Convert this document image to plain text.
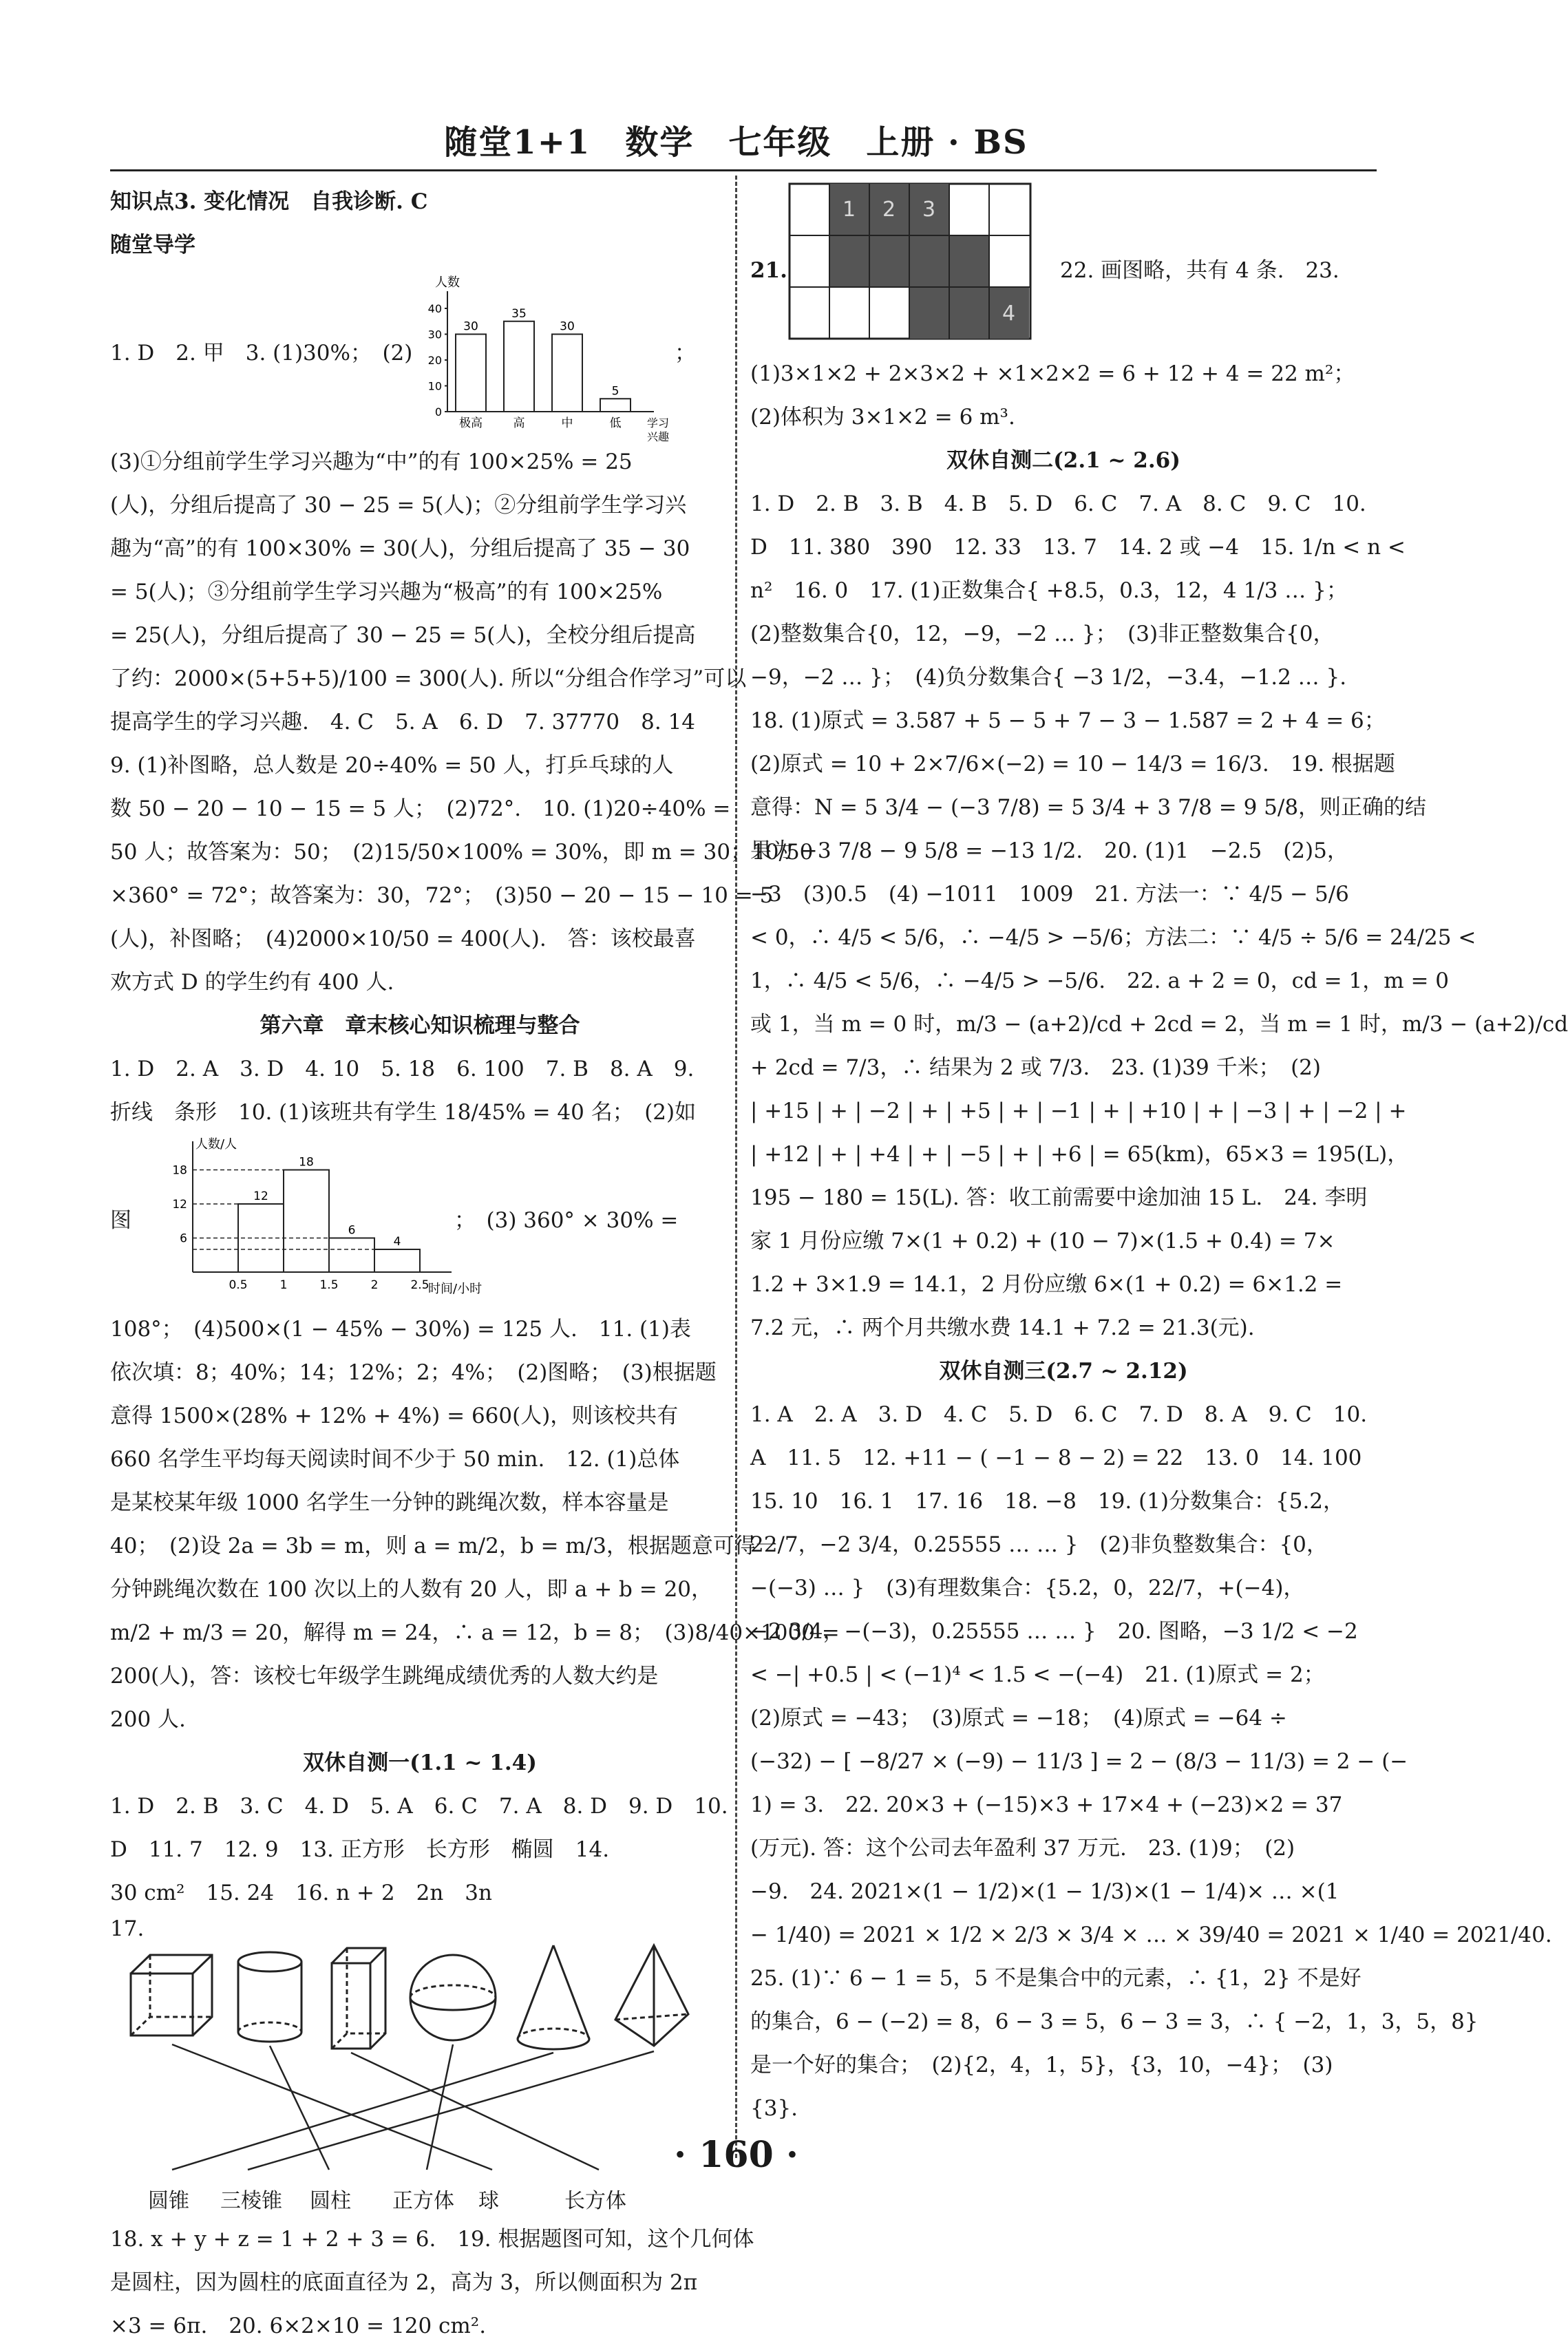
随堂1+1　数学　七年级　上册 · BS
知识点3. 变化情况　自我诊断. C
随堂导学
1. D　2. 甲　3. (1)30%；　(2)	；
人数
学习
兴趣
0
10
20
30
40
30
极高
35
高
30
中
5
低
(3)①分组前学生学习兴趣为“中”的有 100×25% = 25
(人)，分组后提高了 30 − 25 = 5(人)；②分组前学生学习兴
趣为“高”的有 100×30% = 30(人)，分组后提高了 35 − 30
= 5(人)；③分组前学生学习兴趣为“极高”的有 100×25%
= 25(人)，分组后提高了 30 − 25 = 5(人)，全校分组后提高
了约：2000×(5+5+5)/100 = 300(人). 所以“分组合作学习”可以
提高学生的学习兴趣.　4. C　5. A　6. D　7. 37770　8. 14
9. (1)补图略，总人数是 20÷40% = 50 人，打乒乓球的人
数 50 − 20 − 10 − 15 = 5 人；　(2)72°.　10. (1)20÷40% =
50 人；故答案为：50；　(2)15/50×100% = 30%，即 m = 30；10/50
×360° = 72°；故答案为：30，72°；　(3)50 − 20 − 15 − 10 = 5
(人)，补图略；　(4)2000×10/50 = 400(人).　答：该校最喜
欢方式 D 的学生约有 400 人.
第六章　章末核心知识梳理与整合
1. D　2. A　3. D　4. 10　5. 18　6. 100　7. B　8. A　9.
折线　条形　10. (1)该班共有学生 18/45% = 40 名；　(2)如
图
人数/人
时间/小时
0.5	1	1.5	2	2.5
6
12
18
12
18
6
4
；　(3) 360° × 30% =
108°；　(4)500×(1 − 45% − 30%) = 125 人.　11. (1)表
依次填：8；40%；14；12%；2；4%；　(2)图略；　(3)根据题
意得 1500×(28% + 12% + 4%) = 660(人)，则该校共有
660 名学生平均每天阅读时间不少于 50 min.　12. (1)总体
是某校某年级 1000 名学生一分钟的跳绳次数，样本容量是
40；　(2)设 2a = 3b = m，则 a = m/2，b = m/3，根据题意可得一
分钟跳绳次数在 100 次以上的人数有 20 人，即 a + b = 20，
m/2 + m/3 = 20，解得 m = 24，∴ a = 12，b = 8；　(3)8/40×1000 =
200(人)，答：该校七年级学生跳绳成绩优秀的人数大约是
200 人.
双休自测一(1.1 ~ 1.4)
1. D　2. B　3. C　4. D　5. A　6. C　7. A　8. D　9. D　10.
D　11. 7　12. 9　13. 正方形　长方形　椭圆　14.
30 cm²　15. 24　16. n + 2　2n　3n
17.
圆锥 三棱锥 圆柱 正方体 球	长方体
18. x + y + z = 1 + 2 + 3 = 6.　19. 根据题图可知，这个几何体
是圆柱，因为圆柱的底面直径为 2，高为 3，所以侧面积为 2π
×3 = 6π.　20. 6×2×10 = 120 cm².
21.
1 2 3
4
22. 画图略，共有 4 条.　23.
(1)3×1×2 + 2×3×2 + ×1×2×2 = 6 + 12 + 4 = 22 m²；
(2)体积为 3×1×2 = 6 m³.
双休自测二(2.1 ~ 2.6)
1. D　2. B　3. B　4. B　5. D　6. C　7. A　8. C　9. C　10.
D　11. 380　390　12. 33　13. 7　14. 2 或 −4　15. 1/n < n <
n²　16. 0　17. (1)正数集合{ +8.5，0.3，12，4 1/3 … }；
(2)整数集合{0，12，−9，−2 … }；　(3)非正整数集合{0，
−9，−2 … }；　(4)负分数集合{ −3 1/2，−3.4，−1.2 … }.
18. (1)原式 = 3.587 + 5 − 5 + 7 − 3 − 1.587 = 2 + 4 = 6；
(2)原式 = 10 + 2×7/6×(−2) = 10 − 14/3 = 16/3.　19. 根据题
意得：N = 5 3/4 − (−3 7/8) = 5 3/4 + 3 7/8 = 9 5/8，则正确的结
果为 −3 7/8 − 9 5/8 = −13 1/2.　20. (1)1　−2.5　(2)5，
−3　(3)0.5　(4) −1011　1009　21. 方法一：∵ 4/5 − 5/6
< 0，∴ 4/5 < 5/6，∴ −4/5 > −5/6；方法二：∵ 4/5 ÷ 5/6 = 24/25 <
1，∴ 4/5 < 5/6，∴ −4/5 > −5/6.　22. a + 2 = 0，cd = 1，m = 0
或 1，当 m = 0 时，m/3 − (a+2)/cd + 2cd = 2，当 m = 1 时，m/3 − (a+2)/cd
+ 2cd = 7/3，∴ 结果为 2 或 7/3.　23. (1)39 千米；　(2)
| +15 | + | −2 | + | +5 | + | −1 | + | +10 | + | −3 | + | −2 | +
| +12 | + | +4 | + | −5 | + | +6 | = 65(km)，65×3 = 195(L)，
195 − 180 = 15(L). 答：收工前需要中途加油 15 L.　24. 李明
家 1 月份应缴 7×(1 + 0.2) + (10 − 7)×(1.5 + 0.4) = 7×
1.2 + 3×1.9 = 14.1，2 月份应缴 6×(1 + 0.2) = 6×1.2 =
7.2 元，∴ 两个月共缴水费 14.1 + 7.2 = 21.3(元).
双休自测三(2.7 ~ 2.12)
1. A　2. A　3. D　4. C　5. D　6. C　7. D　8. A　9. C　10.
A　11. 5　12. +11 − ( −1 − 8 − 2) = 22　13. 0　14. 100
15. 10　16. 1　17. 16　18. −8　19. (1)分数集合：{5.2，
22/7，−2 3/4，0.25555 … … }　(2)非负整数集合：{0，
−(−3) … }　(3)有理数集合：{5.2，0，22/7，+(−4)，
−2 3/4，−(−3)，0.25555 … … }　20. 图略，−3 1/2 < −2
< −| +0.5 | < (−1)⁴ < 1.5 < −(−4)　21. (1)原式 = 2；
(2)原式 = −43；　(3)原式 = −18；　(4)原式 = −64 ÷
(−32) − [ −8/27 × (−9) − 11/3 ] = 2 − (8/3 − 11/3) = 2 − (−
1) = 3.　22. 20×3 + (−15)×3 + 17×4 + (−23)×2 = 37
(万元). 答：这个公司去年盈利 37 万元.　23. (1)9；　(2)
−9.　24. 2021×(1 − 1/2)×(1 − 1/3)×(1 − 1/4)× … ×(1
− 1/40) = 2021 × 1/2 × 2/3 × 3/4 × … × 39/40 = 2021 × 1/40 = 2021/40.
25. (1)∵ 6 − 1 = 5，5 不是集合中的元素，∴ {1，2} 不是好
的集合，6 − (−2) = 8，6 − 3 = 5，6 − 3 = 3，∴ { −2，1，3，5，8}
是一个好的集合；　(2){2，4，1，5}，{3，10，−4}；　(3)
{3}.
· 160 ·
